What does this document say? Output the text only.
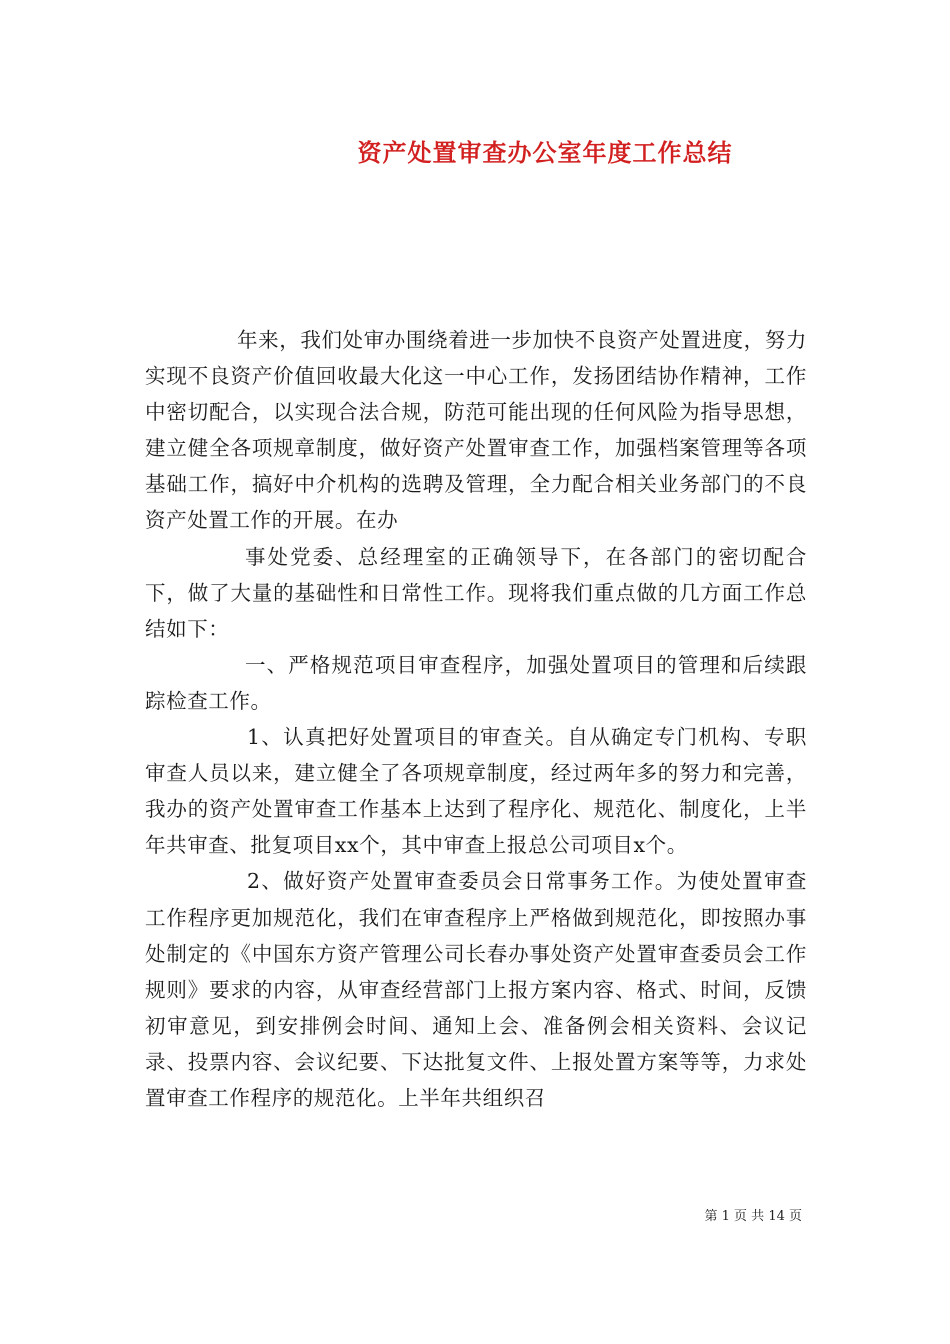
资产处置审查办公室年度工作总结

年来，我们处审办围绕着进一步加快不良资产处置进度，努力实现不良资产价值回收最大化这一中心工作，发扬团结协作精神，工作中密切配合，以实现合法合规，防范可能出现的任何风险为指导思想，建立健全各项规章制度，做好资产处置审查工作，加强档案管理等各项基础工作，搞好中介机构的选聘及管理，全力配合相关业务部门的不良资产处置工作的开展。在办

事处党委、总经理室的正确领导下，在各部门的密切配合下，做了大量的基础性和日常性工作。现将我们重点做的几方面工作总结如下：

一、严格规范项目审查程序，加强处置项目的管理和后续跟踪检查工作。

1、认真把好处置项目的审查关。自从确定专门机构、专职审查人员以来，建立健全了各项规章制度，经过两年多的努力和完善，我办的资产处置审查工作基本上达到了程序化、规范化、制度化，上半年共审查、批复项目xx个，其中审查上报总公司项目x个。

2、做好资产处置审查委员会日常事务工作。为使处置审查工作程序更加规范化，我们在审查程序上严格做到规范化，即按照办事处制定的《中国东方资产管理公司长春办事处资产处置审查委员会工作规则》要求的内容，从审查经营部门上报方案内容、格式、时间，反馈初审意见，到安排例会时间、通知上会、准备例会相关资料、会议记录、投票内容、会议纪要、下达批复文件、上报处置方案等等，力求处置审查工作程序的规范化。上半年共组织召

第 1 页 共 14 页
